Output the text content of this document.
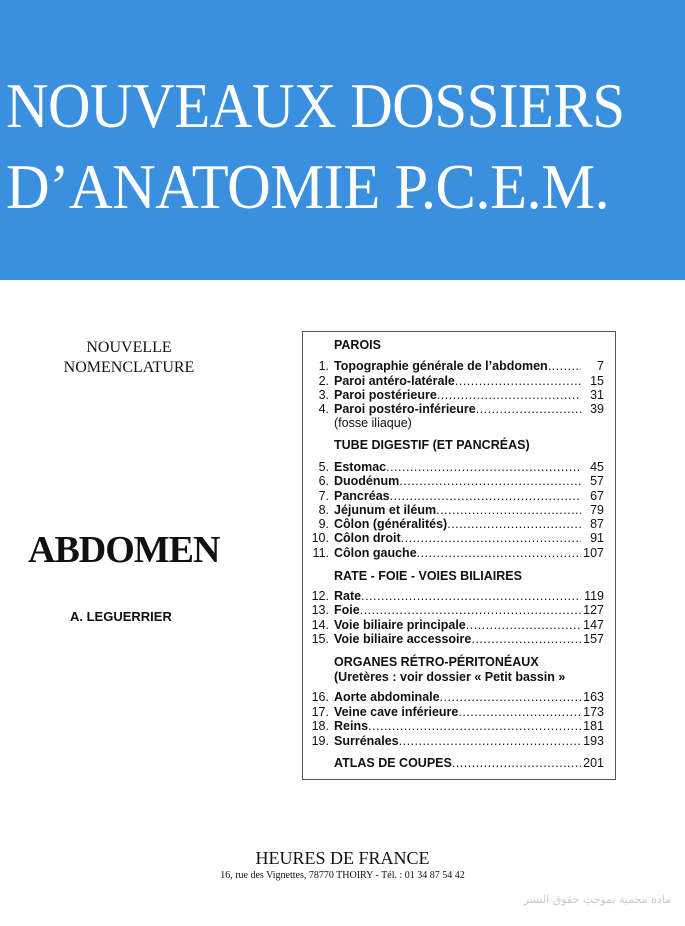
NOUVEAUX DOSSIERS
D’ANATOMIE P.C.E.M.
NOUVELLE
NOMENCLATURE
ABDOMEN
A. LEGUERRIER
PAROIS
1. Topographie générale de l’abdomen .....	7
2. Paroi antéro-latérale .....	15
3. Paroi postérieure .....	31
4. Paroi postéro-inférieure .....	39
(fosse iliaque)
TUBE DIGESTIF (ET PANCRÉAS)
5. Estomac .....	45
6. Duodénum .....	57
7. Pancréas .....	67
8. Jéjunum et iléum .....	79
9. Côlon (généralités) .....	87
10. Côlon droit .....	91
11. Côlon gauche .....	107
RATE - FOIE - VOIES BILIAIRES
12. Rate .....	119
13. Foie .....	127
14. Voie biliaire principale .....	147
15. Voie biliaire accessoire .....	157
ORGANES RÉTRO-PÉRITONÉAUX
(Uretères : voir dossier « Petit bassin »
16. Aorte abdominale .....	163
17. Veine cave inférieure .....	173
18. Reins .....	181
19. Surrénales .....	193
ATLAS DE COUPES .....	201
HEURES DE FRANCE
16, rue des Vignettes, 78770 THOIRY - Tél. : 01 34 87 54 42
مادة محمية بموجب حقوق النشر
